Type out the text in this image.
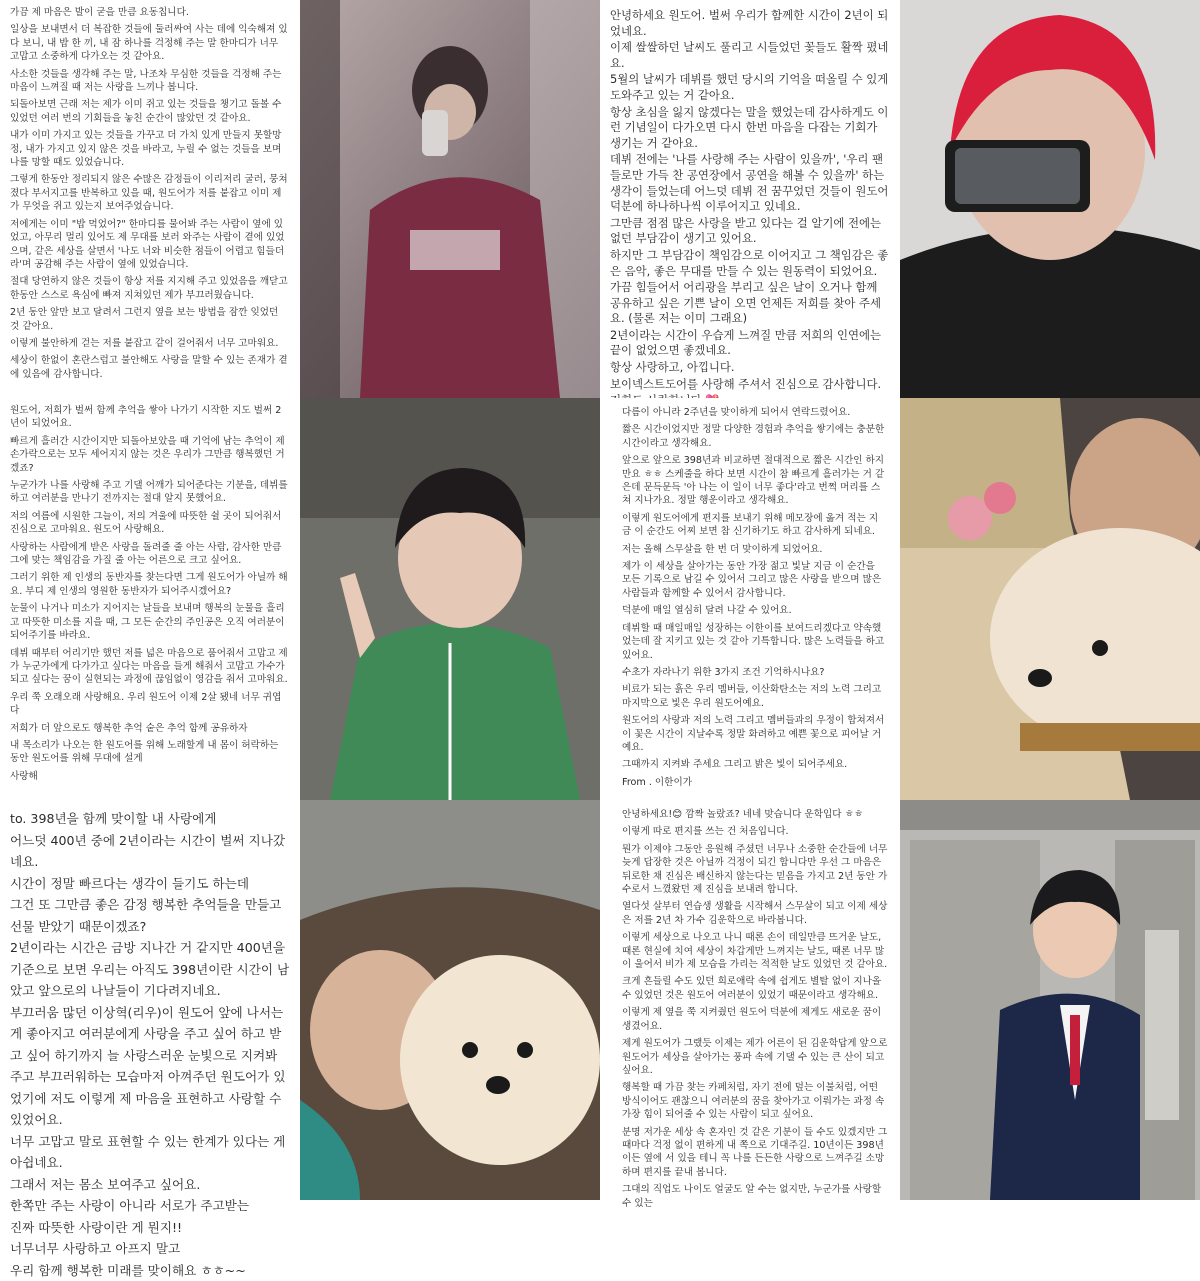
가끔 제 마음은 발이 굳을 만큼 요동칩니다.

일상을 보내면서 더 복잡한 것들에 둘러싸여 사는 데에 익숙해져 있다 보니, 내 밥 한 끼, 내 잠 하나를 걱정해 주는 말 한마디가 너무 고맙고 소중하게 다가오는 것 같아요.

사소한 것들을 생각해 주는 말, 나조차 무심한 것들을 걱정해 주는 마음이 느껴질 때 저는 사랑을 느끼나 봅니다.

되돌아보면 근래 저는 제가 이미 쥐고 있는 것들을 챙기고 돌볼 수 있었던 여러 번의 기회들을 놓친 순간이 많았던 것 같아요.

내가 이미 가지고 있는 것들을 가꾸고 더 가치 있게 만들지 못할망정, 내가 가지고 있지 않은 것을 바라고, 누릴 수 없는 것들을 보며 나를 망할 때도 있었습니다.

그렇게 한동안 정리되지 않은 수많은 감정들이 이리저리 굴러, 뭉쳐졌다 부서지고를 반복하고 있을 때, 원도어가 저를 붙잡고 이미 제가 무엇을 쥐고 있는지 보여주었습니다.

저에게는 이미 "밥 먹었어?" 한마디를 물어봐 주는 사람이 옆에 있었고, 아무리 멀리 있어도 제 무대를 보러 와주는 사람이 곁에 있었으며, 같은 세상을 살면서 '나도 너와 비슷한 점들이 어렵고 힘들더라'며 공감해 주는 사람이 옆에 있었습니다.

절대 당연하지 않은 것들이 항상 저를 지지해 주고 있었음을 깨닫고 한동안 스스로 욕심에 빠져 지쳐있던 제가 부끄러웠습니다.

2년 동안 앞만 보고 달려서 그런지 옆을 보는 방법을 잠깐 잊었던 것 같아요.

이렇게 불안하게 걷는 저를 붙잡고 같이 걸어줘서 너무 고마워요.

세상이 한없이 혼란스럽고 불안해도 사랑을 말할 수 있는 존재가 곁에 있음에 감사합니다.

원도어, 저희가 벌써 함께 추억을 쌓아 나가기 시작한 지도 벌써 2년이 되었어요.

빠르게 흘러간 시간이지만 되돌아보았을 때 기억에 남는 추억이 제 손가락으로는 모두 세어지지 않는 것은 우리가 그만큼 행복했던 거 겠죠?

누군가가 나를 사랑해 주고 기댈 어깨가 되어준다는 기분을, 데뷔를 하고 여러분을 만나기 전까지는 절대 알지 못했어요.

저의 여름에 시원한 그늘이, 저의 겨울에 따뜻한 쉴 곳이 되어줘서 진심으로 고마워요. 원도어 사랑해요.

사랑하는 사람에게 받은 사랑을 돌려줄 줄 아는 사람, 감사한 만큼 그에 맞는 책임감을 가질 줄 아는 어른으로 크고 싶어요.

그러기 위한 제 인생의 동반자를 찾는다면 그게 원도어가 아닐까 해요. 부디 제 인생의 영원한 동반자가 되어주시겠어요?

눈물이 나거나 미소가 지어지는 날들을 보내며 행복의 눈물을 흘리고 따뜻한 미소를 지을 때, 그 모든 순간의 주인공은 오직 여러분이 되어주기를 바라요.

데뷔 때부터 어리기만 했던 저를 넓은 마음으로 품어줘서 고맙고 제가 누군가에게 다가가고 싶다는 마음을 들게 해줘서 고맙고 가수가 되고 싶다는 꿈이 실현되는 과정에 끊임없이 영감을 줘서 고마워요.

우리 쭉 오래오래 사랑해요. 우리 원도어 이제 2살 됐네 너무 귀엽다

저희가 더 앞으로도 행복한 추억 숱은 추억 함께 공유하자

내 목소리가 나오는 한 원도어를 위해 노래할게 내 몸이 허락하는 동안 원도어를 위해 무대에 설게

사랑해

to. 398년을 함께 맞이할 내 사랑에게

어느덧 400년 중에 2년이라는 시간이 벌써 지나갔네요.

시간이 정말 빠르다는 생각이 들기도 하는데

그건 또 그만큼 좋은 감정 행복한 추억들을 만들고 선물 받았기 때문이겠죠?

2년이라는 시간은 금방 지나간 거 같지만 400년을 기준으로 보면 우리는 아직도 398년이란 시간이 남았고 앞으로의 나날들이 기다려지네요.

부끄러움 많던 이상혁(리우)이 원도어 앞에 나서는 게 좋아지고 여러분에게 사랑을 주고 싶어 하고 받고 싶어 하기까지 늘 사랑스러운 눈빛으로 지켜봐 주고 부끄러워하는 모습마저 아껴주던 원도어가 있었기에 저도 이렇게 제 마음을 표현하고 사랑할 수 있었어요.

너무 고맙고 말로 표현할 수 있는 한계가 있다는 게 아쉽네요.

그래서 저는 몸소 보여주고 싶어요.

한쪽만 주는 사랑이 아니라 서로가 주고받는

진짜 따뜻한 사랑이란 게 뭔지!!

너무너무 사랑하고 아프지 말고

우리 함께 행복한 미래를 맞이해요 ㅎㅎ~~

안녕하세요 원도어. 벌써 우리가 함께한 시간이 2년이 되었네요.

이제 쌀쌀하던 날씨도 풀리고 시들었던 꽃들도 활짝 폈네요.

5월의 날씨가 데뷔를 했던 당시의 기억을 떠올릴 수 있게 도와주고 있는 거 같아요.

항상 초심을 잃지 않겠다는 말을 했었는데 감사하게도 이런 기념일이 다가오면 다시 한번 마음을 다잡는 기회가 생기는 거 같아요.

데뷔 전에는 '나를 사랑해 주는 사람이 있을까', '우리 팬들로만 가득 찬 공연장에서 공연을 해볼 수 있을까' 하는 생각이 들었는데 어느덧 데뷔 전 꿈꾸었던 것들이 원도어 덕분에 하나하나씩 이루어지고 있네요.

그만큼 점점 많은 사랑을 받고 있다는 걸 알기에 전에는 없던 부담감이 생기고 있어요.

하지만 그 부담감이 책임감으로 이어지고 그 책임감은 좋은 음악, 좋은 무대를 만들 수 있는 원동력이 되었어요.

가끔 힘들어서 어리광을 부리고 싶은 날이 오거나 함께 공유하고 싶은 기쁜 날이 오면 언제든 저희를 찾아 주세요. (물론 저는 이미 그래요)

2년이라는 시간이 우습게 느껴질 만큼 저희의 인연에는 끝이 없었으면 좋겠네요.

항상 사랑하고, 아낍니다.

보이넥스트도어를 사랑해 주셔서 진심으로 감사합니다.

다름이 아니라 2주년을 맞이하게 되어서 연락드렸어요.

짧은 시간이었지만 정말 다양한 경험과 추억을 쌓기에는 충분한 시간이라고 생각해요.

앞으로 앞으로 398년과 비교하면 절대적으로 짧은 시간인 하지만요 ㅎㅎ 스케줄을 하다 보면 시간이 참 빠르게 흘러가는 거 같은데 문득문득 '아 나는 이 일이 너무 좋다'라고 번쩍 머리를 스쳐 지나가요. 정말 행운이라고 생각해요.

이렇게 원도어에게 편지를 보내기 위해 메모장에 옮겨 적는 지금 이 순간도 어찌 보면 참 신기하기도 하고 감사하게 되네요.

저는 올해 스무살을 한 번 더 맞이하게 되었어요.

제가 이 세상을 살아가는 동안 가장 젊고 빛날 지금 이 순간을 모든 기록으로 남길 수 있어서 그리고 많은 사랑을 받으며 많은 사람들과 함께할 수 있어서 감사합니다.

덕분에 매일 열심히 달려 나갈 수 있어요.

데뷔할 때 매일매일 성장하는 이한이를 보여드리겠다고 약속했었는데 잘 지키고 있는 것 같아 기특합니다. 많은 노력들을 하고 있어요.

수초가 자라나기 위한 3가지 조건 기억하시나요?

비료가 되는 흙은 우리 멤버들, 이산화탄소는 저의 노력 그리고 마지막으로 빛은 우리 원도어예요.

원도어의 사랑과 저의 노력 그리고 멤버들과의 우정이 합쳐져서 이 꽃은 시간이 지날수록 정말 화려하고 예쁜 꽃으로 피어날 거예요.

그때까지 지켜봐 주세요 그리고 밝은 빛이 되어주세요.

From . 이한이가

안녕하세요!😊 깜짝 놀랐죠? 네네 맞습니다 운학입다 ㅎㅎ

이렇게 따로 편지를 쓰는 건 처음입니다.

뭔가 이제야 그동안 응원해 주셨던 너무나 소중한 순간들에 너무 늦게 답장한 것은 아닐까 걱정이 되긴 합니다만 우선 그 마음은 뒤로한 채 진심은 배신하지 않는다는 믿음을 가지고 2년 동안 가수로서 느꼈왔던 제 진심을 보내려 합니다.

열다섯 살부터 연습생 생활을 시작해서 스무살이 되고 이제 세상은 저를 2년 차 가수 김운학으로 바라봅니다.

이렇게 세상으로 나오고 나니 때론 손이 데일만큼 뜨거운 날도, 때론 현실에 치여 세상이 차갑게만 느껴지는 날도, 때론 너무 많이 울어서 비가 제 모습을 가리는 적적한 날도 있었던 것 같아요.

크게 흔들릴 수도 있던 희로애락 속에 쉽게도 별탈 없이 지나올 수 있었던 것은 원도어 여러분이 있었기 때문이라고 생각해요.

이렇게 제 옆을 쭉 지켜줬던 원도어 덕분에 제게도 새로운 꿈이 생겼어요.

제게 원도어가 그랬듯 이제는 제가 어른이 된 김운학답게 앞으로 원도어가 세상을 살아가는 풍파 속에 기댈 수 있는 큰 산이 되고 싶어요.

행복할 때 가끔 찾는 카페처럼, 자기 전에 덮는 이불처럼, 어떤 방식이어도 괜찮으니 여러분의 꿈을 찾아가고 이뤄가는 과정 속 가장 힘이 되어줄 수 있는 사람이 되고 싶어요.

분명 저가운 세상 속 혼자인 것 같은 기분이 들 수도 있겠지만 그때마다 걱정 없이 편하게 내 쪽으로 기대주길. 10년이든 398년이든 옆에 서 있을 테니 꼭 나를 든든한 사랑으로 느껴주길 소망하며 편지를 끝내 봅니다.

그대의 직업도 나이도 얼굴도 알 수는 없지만, 누군가를 사랑할 수 있는
